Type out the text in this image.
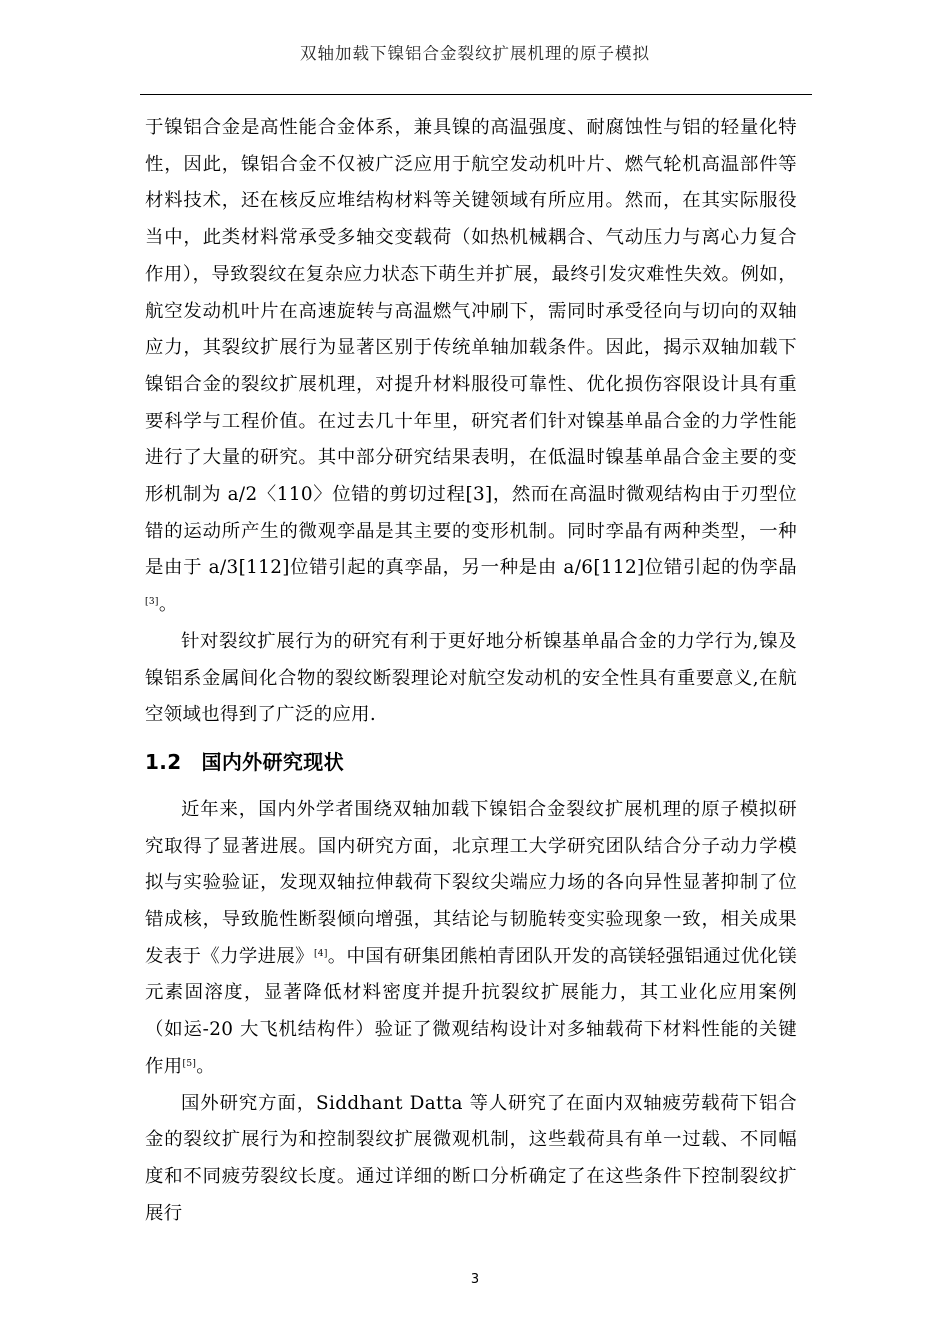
双轴加载下镍铝合金裂纹扩展机理的原子模拟

于镍铝合金是高性能合金体系，兼具镍的高温强度、耐腐蚀性与铝的轻量化特性，因此，镍铝合金不仅被广泛应用于航空发动机叶片、燃气轮机高温部件等材料技术，还在核反应堆结构材料等关键领域有所应用。然而，在其实际服役当中，此类材料常承受多轴交变载荷（如热机械耦合、气动压力与离心力复合作用），导致裂纹在复杂应力状态下萌生并扩展，最终引发灾难性失效。例如，航空发动机叶片在高速旋转与高温燃气冲刷下，需同时承受径向与切向的双轴应力，其裂纹扩展行为显著区别于传统单轴加载条件。因此，揭示双轴加载下镍铝合金的裂纹扩展机理，对提升材料服役可靠性、优化损伤容限设计具有重要科学与工程价值。在过去几十年里，研究者们针对镍基单晶合金的力学性能进行了大量的研究。其中部分研究结果表明，在低温时镍基单晶合金主要的变形机制为 a/2〈110〉位错的剪切过程[3]，然而在高温时微观结构由于刃型位错的运动所产生的微观孪晶是其主要的变形机制。同时孪晶有两种类型，一种是由于 a/3[112]位错引起的真孪晶，另一种是由 a/6[112]位错引起的伪孪晶[3]。

针对裂纹扩展行为的研究有利于更好地分析镍基单晶合金的力学行为,镍及镍铝系金属间化合物的裂纹断裂理论对航空发动机的安全性具有重要意义,在航空领域也得到了广泛的应用.

1.2 国内外研究现状

近年来，国内外学者围绕双轴加载下镍铝合金裂纹扩展机理的原子模拟研究取得了显著进展。国内研究方面，北京理工大学研究团队结合分子动力学模拟与实验验证，发现双轴拉伸载荷下裂纹尖端应力场的各向异性显著抑制了位错成核，导致脆性断裂倾向增强，其结论与韧脆转变实验现象一致，相关成果发表于《力学进展》[4]。中国有研集团熊柏青团队开发的高镁轻强铝通过优化镁元素固溶度，显著降低材料密度并提升抗裂纹扩展能力，其工业化应用案例（如运-20 大飞机结构件）验证了微观结构设计对多轴载荷下材料性能的关键作用[5]。

国外研究方面，Siddhant Datta 等人研究了在面内双轴疲劳载荷下铝合金的裂纹扩展行为和控制裂纹扩展微观机制，这些载荷具有单一过载、不同幅度和不同疲劳裂纹长度。通过详细的断口分析确定了在这些条件下控制裂纹扩展行

3
